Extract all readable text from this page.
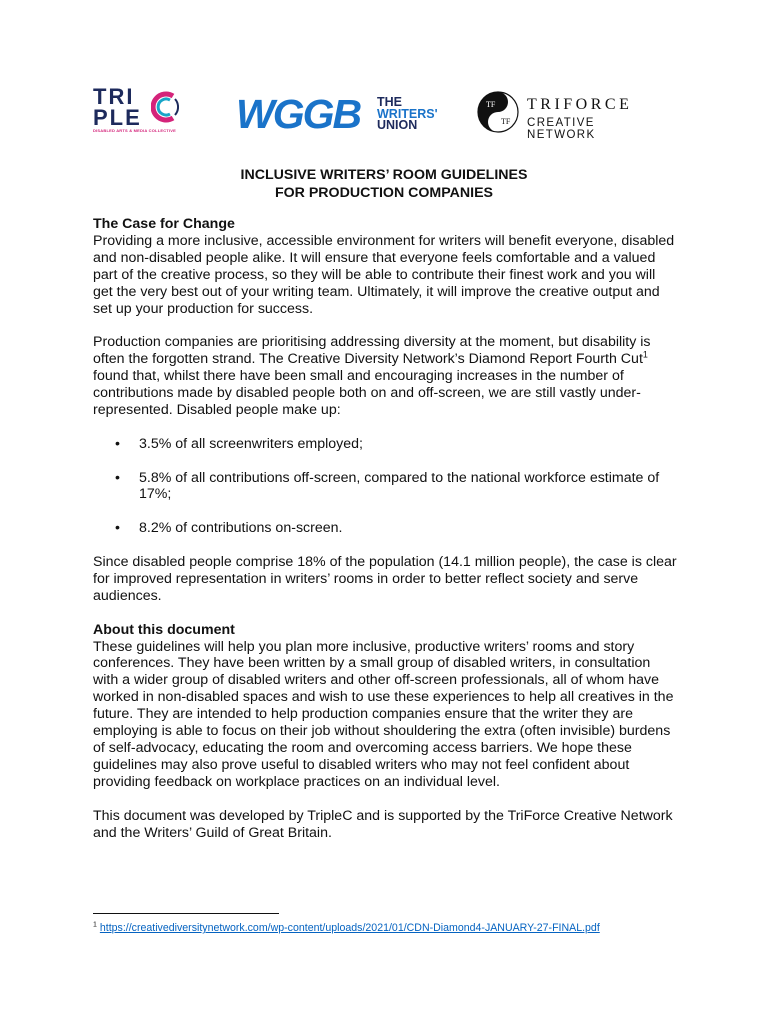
TRI
PLE
DISABLED ARTS & MEDIA COLLECTIVE WGGB THE
WRITERS'
UNION
TF
TF
TRIFORCE
CREATIVE NETWORK
INCLUSIVE WRITERS’ ROOM GUIDELINES
FOR PRODUCTION COMPANIES
The Case for Change

Providing a more inclusive, accessible environment for writers will benefit everyone, disabled and non-disabled people alike. It will ensure that everyone feels comfortable and a valued part of the creative process, so they will be able to contribute their finest work and you will get the very best out of your writing team. Ultimately, it will improve the creative output and set up your production for success.

Production companies are prioritising addressing diversity at the moment, but disability is often the forgotten strand. The Creative Diversity Network’s Diamond Report Fourth Cut$^1$ found that, whilst there have been small and encouraging increases in the number of contributions made by disabled people both on and off-screen, we are still vastly under-represented. Disabled people make up:

• 3.5% of all screenwriters employed;
• 5.8% of all contributions off-screen, compared to the national workforce estimate of 17%;
• 8.2% of contributions on-screen.

Since disabled people comprise 18% of the population (14.1 million people), the case is clear for improved representation in writers’ rooms in order to better reflect society and serve audiences.

About this document

These guidelines will help you plan more inclusive, productive writers’ rooms and story conferences. They have been written by a small group of disabled writers, in consultation with a wider group of disabled writers and other off-screen professionals, all of whom have worked in non-disabled spaces and wish to use these experiences to help all creatives in the future. They are intended to help production companies ensure that the writer they are employing is able to focus on their job without shouldering the extra (often invisible) burdens of self-advocacy, educating the room and overcoming access barriers. We hope these guidelines may also prove useful to disabled writers who may not feel confident about providing feedback on workplace practices on an individual level.

This document was developed by TripleC and is supported by the TriForce Creative Network and the Writers’ Guild of Great Britain.

$^1$ https://creativediversitynetwork.com/wp-content/uploads/2021/01/CDN-Diamond4-JANUARY-27-FINAL.pdf
